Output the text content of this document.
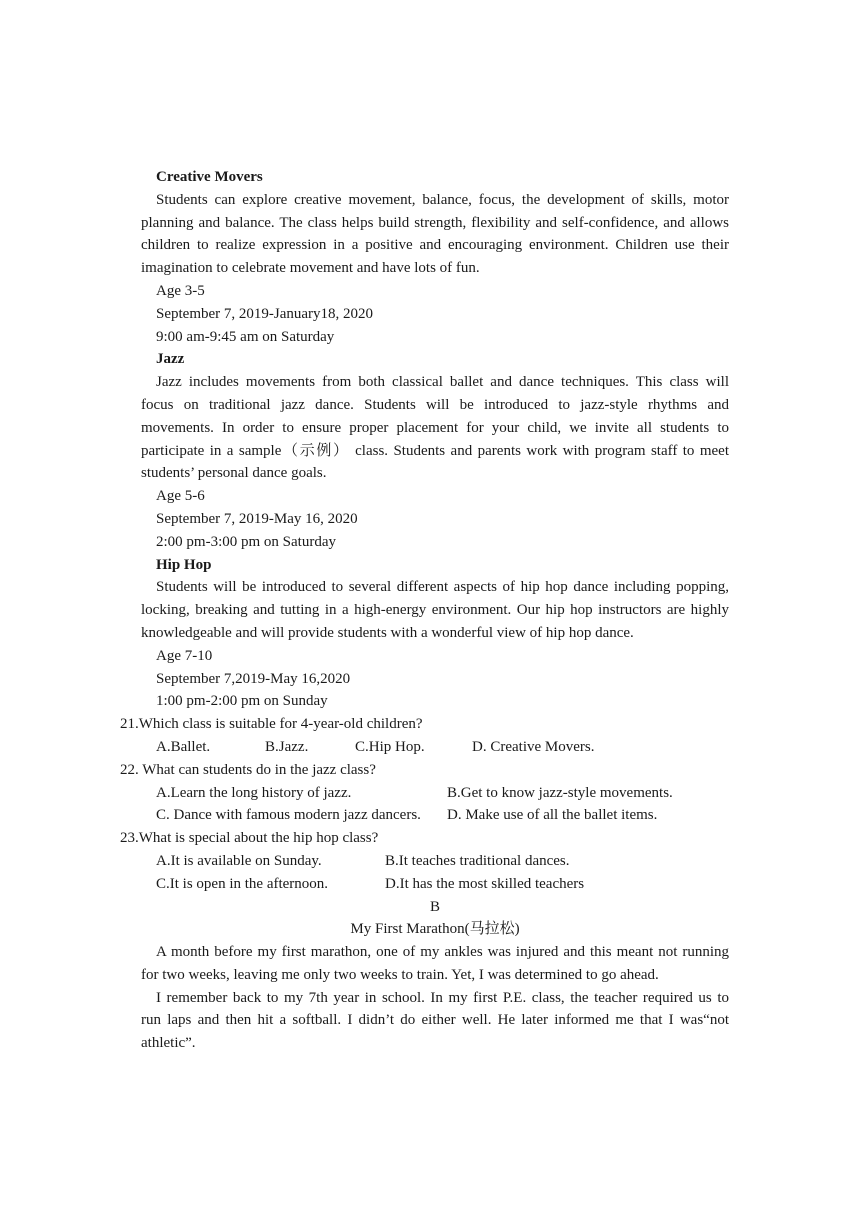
Creative Movers
Students can explore creative movement, balance, focus, the development of skills, motor
planning and balance. The class helps build strength, flexibility and self-confidence, and allows
children to realize expression in a positive and encouraging environment. Children use their
imagination to celebrate movement and have lots of fun.
Age 3-5
September 7, 2019-January18, 2020
9:00 am-9:45 am on Saturday
Jazz
Jazz includes movements from both classical ballet and dance techniques. This class will
focus on traditional jazz dance. Students will be introduced to jazz-style rhythms and
movements. In order to ensure proper placement for your child, we invite all students to
participate in a sample（示例） class. Students and parents work with program staff to meet
students’ personal dance goals.
Age 5-6
September 7, 2019-May 16, 2020
2:00 pm-3:00 pm on Saturday
Hip Hop
Students will be introduced to several different aspects of hip hop dance including popping,
locking, breaking and tutting in a high-energy environment. Our hip hop instructors are highly
knowledgeable and will provide students with a wonderful view of hip hop dance.
Age 7-10
September 7,2019-May 16,2020
1:00 pm-2:00 pm on Sunday
21.Which class is suitable for 4-year-old children?
A.Ballet.	B.Jazz.	C.Hip Hop.	D. Creative Movers.
22. What can students do in the jazz class?
A.Learn the long history of jazz.	B.Get to know jazz-style movements.
C. Dance with famous modern jazz dancers. D. Make use of all the ballet items.
23.What is special about the hip hop class?
A.It is available on Sunday.	B.It teaches traditional dances.
C.It is open in the afternoon.	D.It has the most skilled teachers
B
My First Marathon(马拉松)
A month before my first marathon, one of my ankles was injured and this meant not running
for two weeks, leaving me only two weeks to train. Yet, I was determined to go ahead.
I remember back to my 7th year in school. In my first P.E. class, the teacher required us to
run laps and then hit a softball. I didn’t do either well. He later informed me that I was“not
athletic”.
